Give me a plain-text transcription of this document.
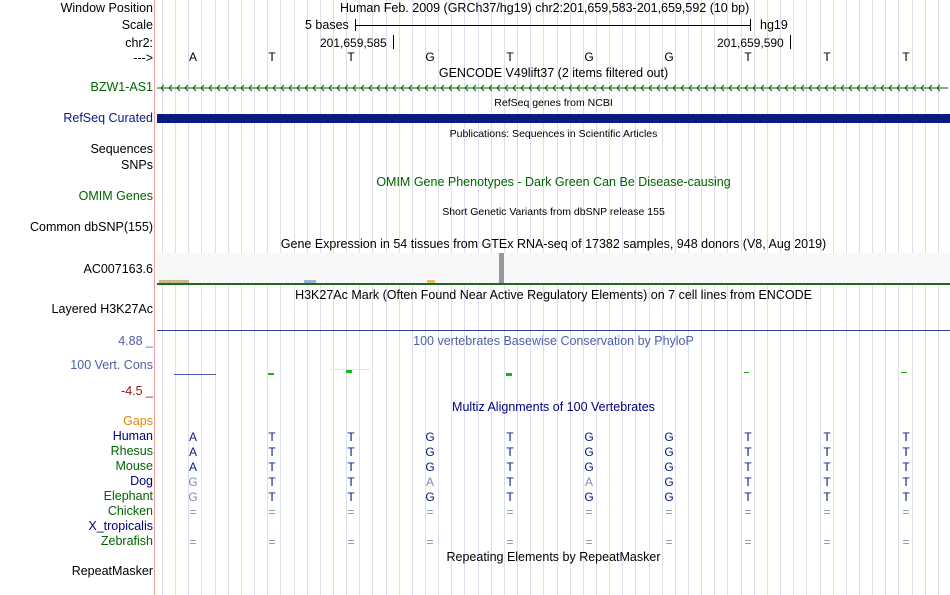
Window Position	Human Feb. 2009 (GRCh37/hg19) chr2:201,659,583-201,659,592 (10 bp)
Scale	5 bases	hg19
chr2:	201,659,585	201,659,590
--->	A	T	T	G	T	G	G	T	T	T
GENCODE V49lift37 (2 items filtered out)
BZW1-AS1
RefSeq genes from NCBI
RefSeq Curated
Publications: Sequences in Scientific Articles
Sequences
SNPs
OMIM Gene Phenotypes - Dark Green Can Be Disease-causing
OMIM Genes
Short Genetic Variants from dbSNP release 155
Common dbSNP(155)
Gene Expression in 54 tissues from GTEx RNA-seq of 17382 samples, 948 donors (V8, Aug 2019)
AC007163.6
H3K27Ac Mark (Often Found Near Active Regulatory Elements) on 7 cell lines from ENCODE
Layered H3K27Ac
4.88 _	100 vertebrates Basewise Conservation by PhyloP
100 Vert. Cons
-4.5 _
Multiz Alignments of 100 Vertebrates
Gaps
Human	A	T	T	G	T	G	G	T	T	T
Rhesus	A	T	T	G	T	G	G	T	T	T
Mouse	A	T	T	G	T	G	G	T	T	T
Dog	G	T	T	A	T	A	G	T	T	T
Elephant	G	T	T	G	T	G	G	T	T	T
Chicken	=	=	=	=	=	=	=	=	=	=
X_tropicalis
Zebrafish	=	=	=	=	=	=	=	=	=	=
Repeating Elements by RepeatMasker
RepeatMasker
